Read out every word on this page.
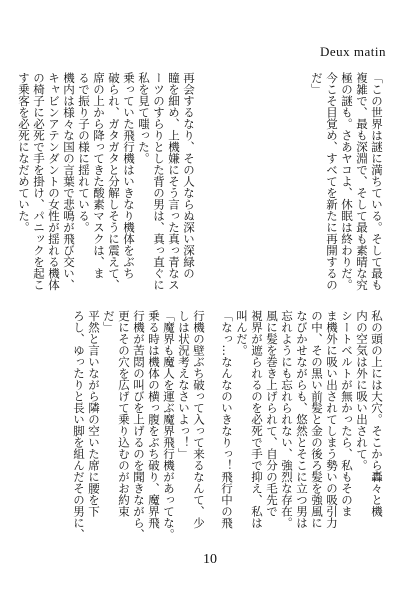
Deux matin
「この世界は謎に満ちている。そして最も
複雑で、最も深淵で、そして最も素晴な究
極の謎も。さあヤコよ、休眠は終わりだ。
今こそ目覚め、すべてを新たに再開するの
だ」
再会するなり、その人ならぬ深い深緑の
瞳を細め、上機嫌にそう言った真っ青なス
ーツのすらりとした背の男は、真っ直ぐに
私を見て嗤った。
乗っていた飛行機はいきなり機体をぶち
破られ、ガタガタと分解しそうに震えて、
席の上から降ってきた酸素マスクは、ま
るで振り子の様に揺れている。
機内は様々な国の言葉で悲鳴が飛び交い、
キャビンアテンダントの女性が揺れる機体
の椅子に必死で手を掛け、パニックを起こ
す乗客を必死になだめていた。
私の頭の上には大穴。そこから轟々と機
内の空気は外に吸い出されて。
シートベルトが無かったら、私もそのま
ま機外に吸い出されてしまう勢いの吸引力
の中、その黒い前髪と金の後ろ髪を強風に
なびかせながらも、悠然とそこに立つ男は
忘れようにも忘れられない、強烈な存在。
風に髪を巻き上げられて、自分の毛先で
視界が遮られるのを必死で手で抑え、私は
叫んだ。
「なっ…なんなのいきなりっ！飛行中の飛
行機の壁ぶち破って入って来るなんて、少
しは状況考えなさいよっ！」
「魔界も魔人を運ぶ魔界飛行機があってな。
乗る時は機体の横っ腹をぶち破り、魔界飛
行機が苦悶の叫びを上げるのを聞きながら、
更にその穴を広げて乗り込むのがお約束
だ」
平然と言いながら隣の空いた席に腰を下
ろし、ゆったりと長い脚を組んだその男に、
10
